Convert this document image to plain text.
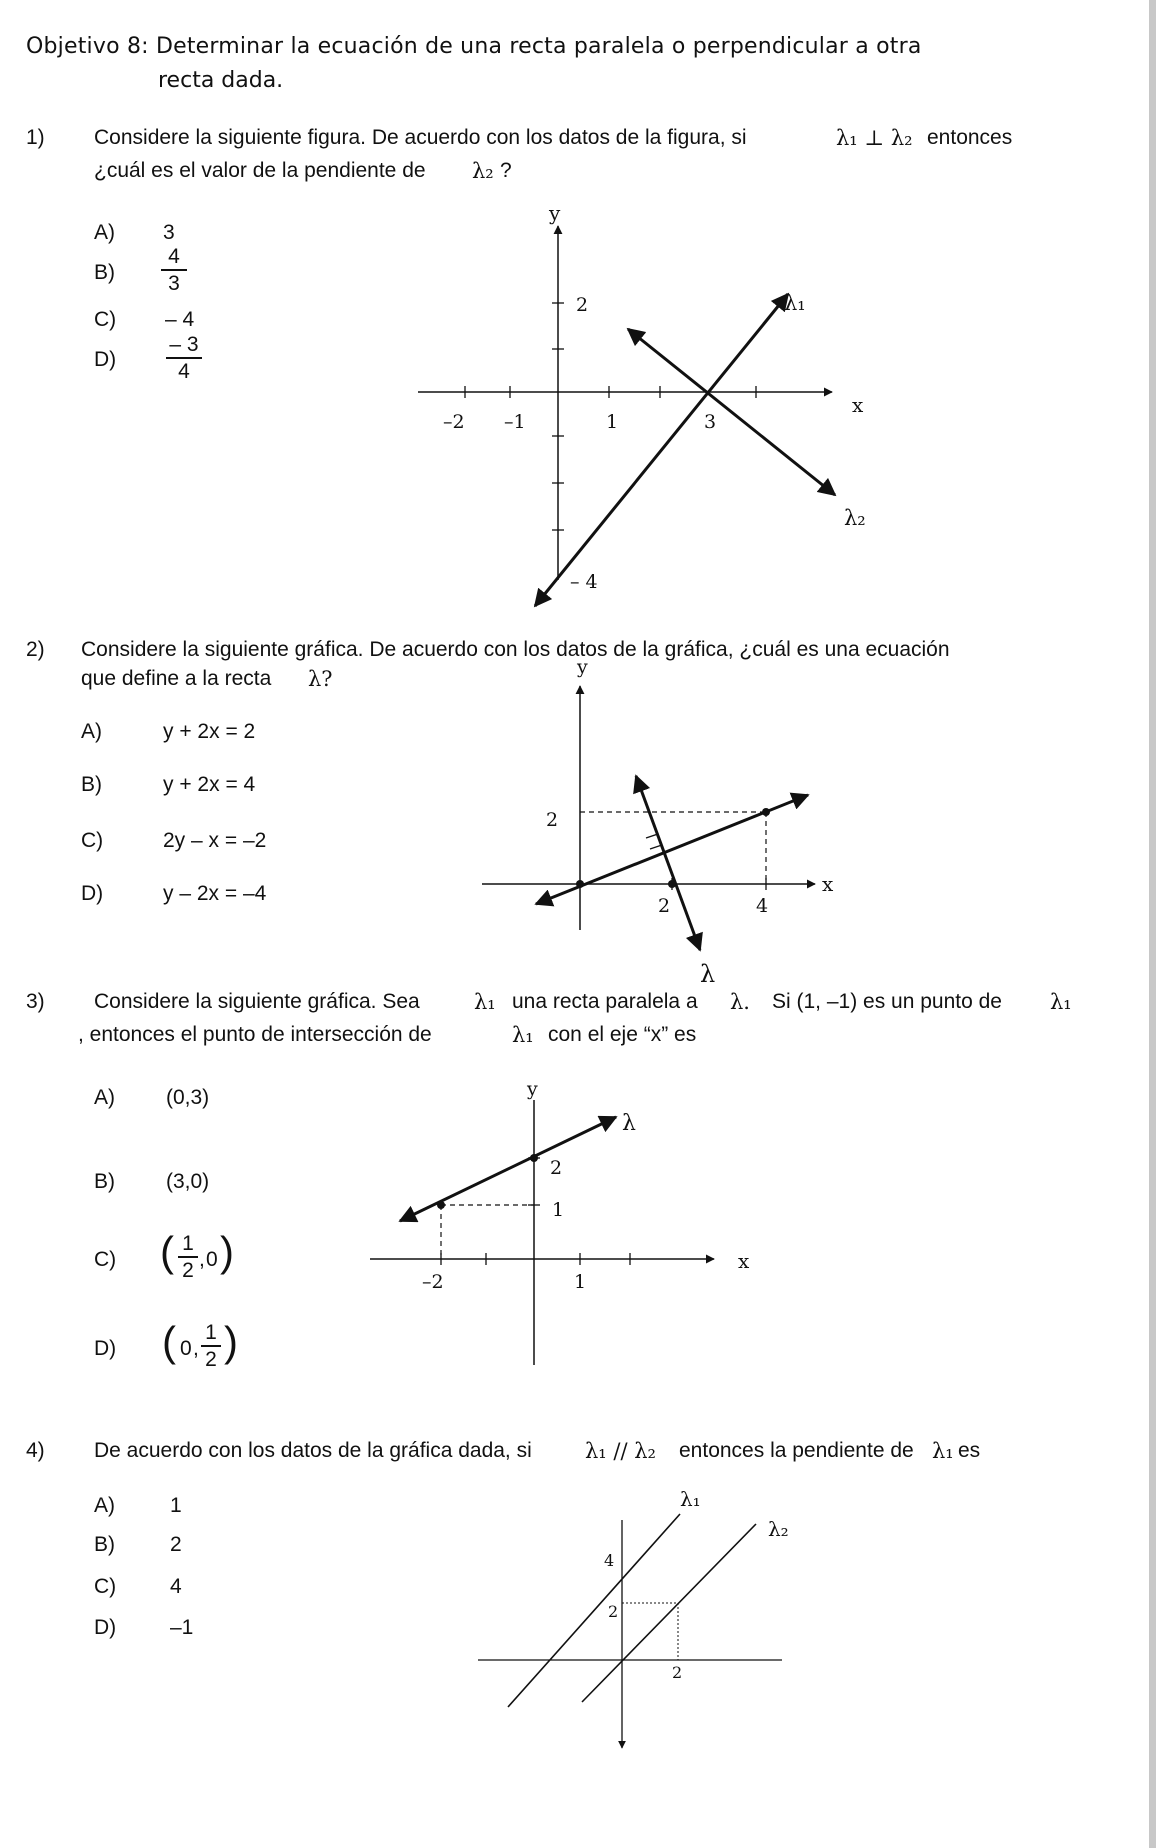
Objetivo 8: Determinar la ecuación de una recta paralela o perpendicular a otra
recta dada.
1) Considere la siguiente figura. De acuerdo con los datos de la figura, si	λ₁ ⊥ λ₂ entonces
¿cuál es el valor de la pendiente de λ₂ ?
A) 3
$B) \frac{4}{3}$
C) – 4
$D) \frac{- 3}{4}$
y
x
2
– 4
–2 –1	1	3
λ₁
λ₂
2) Considere la siguiente gráfica. De acuerdo con los datos de la gráfica, ¿cuál es una ecuación
que define a la recta λ?
A)	y + 2x = 2
B)	y + 2x = 4
C)	2y – x = –2
D)	y – 2x = –4
y
x
2
2	4
λ
3) Considere la siguiente gráfica. Sea	λ₁ una recta paralela a λ. Si (1, –1) es un punto de λ₁
, entonces el punto de intersección de	λ₁ con el eje “x” es
A) (0,3)
B) (3,0)
C) ( $\frac{1}{2}$ , 0 )
D) ( 0 , $\frac{1}{2}$ )
y
x
2
1
–2	1
λ
4) De acuerdo con los datos de la gráfica dada, si	λ₁ // λ₂ entonces la pendiente de λ₁ es
A)	1
B)	2
C)	4
D)	–1
4
2
2
λ₁
λ₂
